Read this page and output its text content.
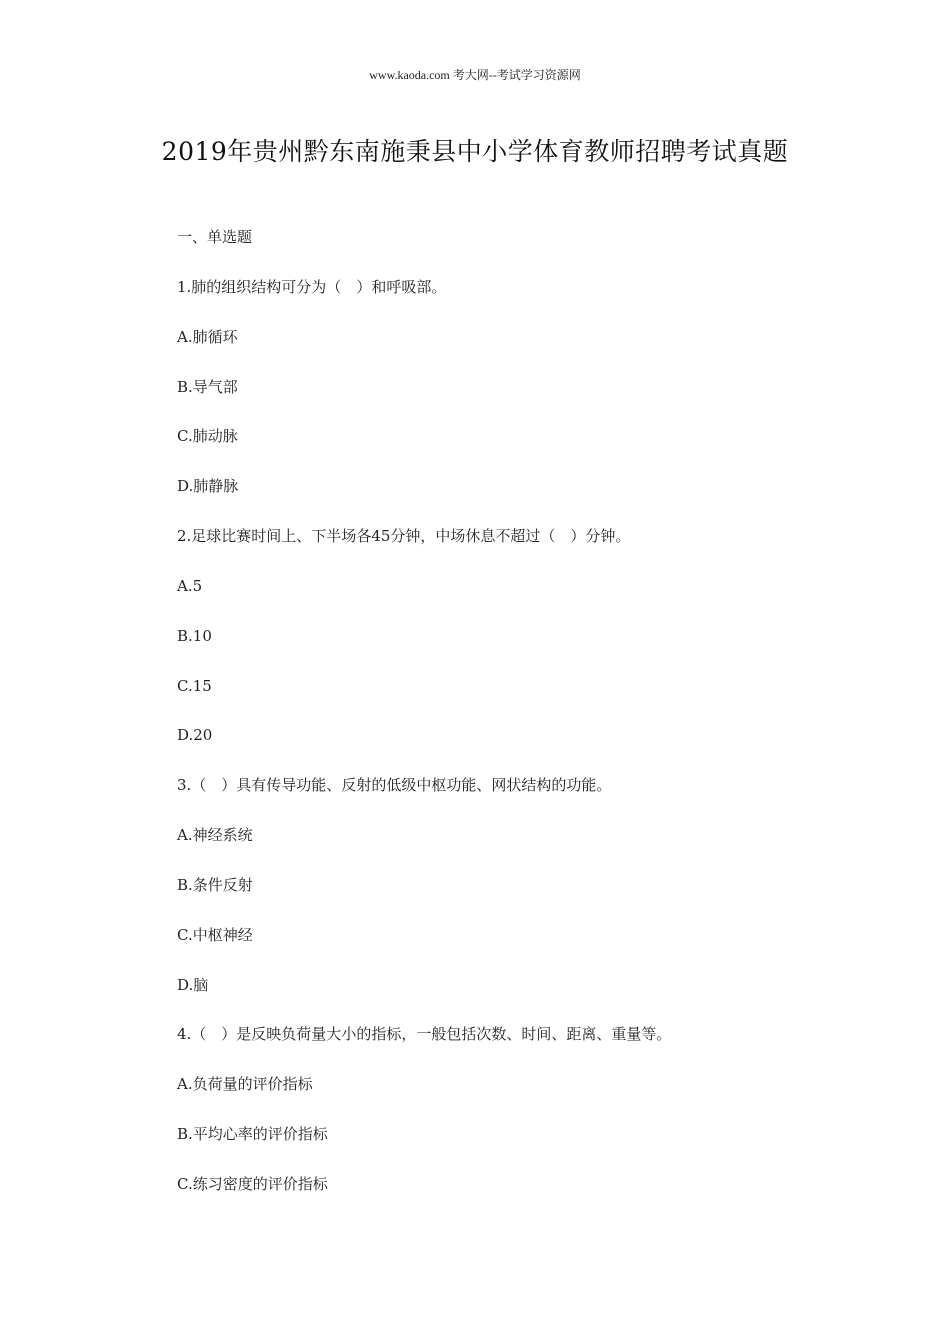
www.kaoda.com 考大网--考试学习资源网
2019年贵州黔东南施秉县中小学体育教师招聘考试真题
一、单选题
1.肺的组织结构可分为（　）和呼吸部。
A.肺循环
B.导气部
C.肺动脉
D.肺静脉
2.足球比赛时间上、下半场各45分钟，中场休息不超过（　）分钟。
A.5
B.10
C.15
D.20
3.（　）具有传导功能、反射的低级中枢功能、网状结构的功能。
A.神经系统
B.条件反射
C.中枢神经
D.脑
4.（　）是反映负荷量大小的指标，一般包括次数、时间、距离、重量等。
A.负荷量的评价指标
B.平均心率的评价指标
C.练习密度的评价指标
